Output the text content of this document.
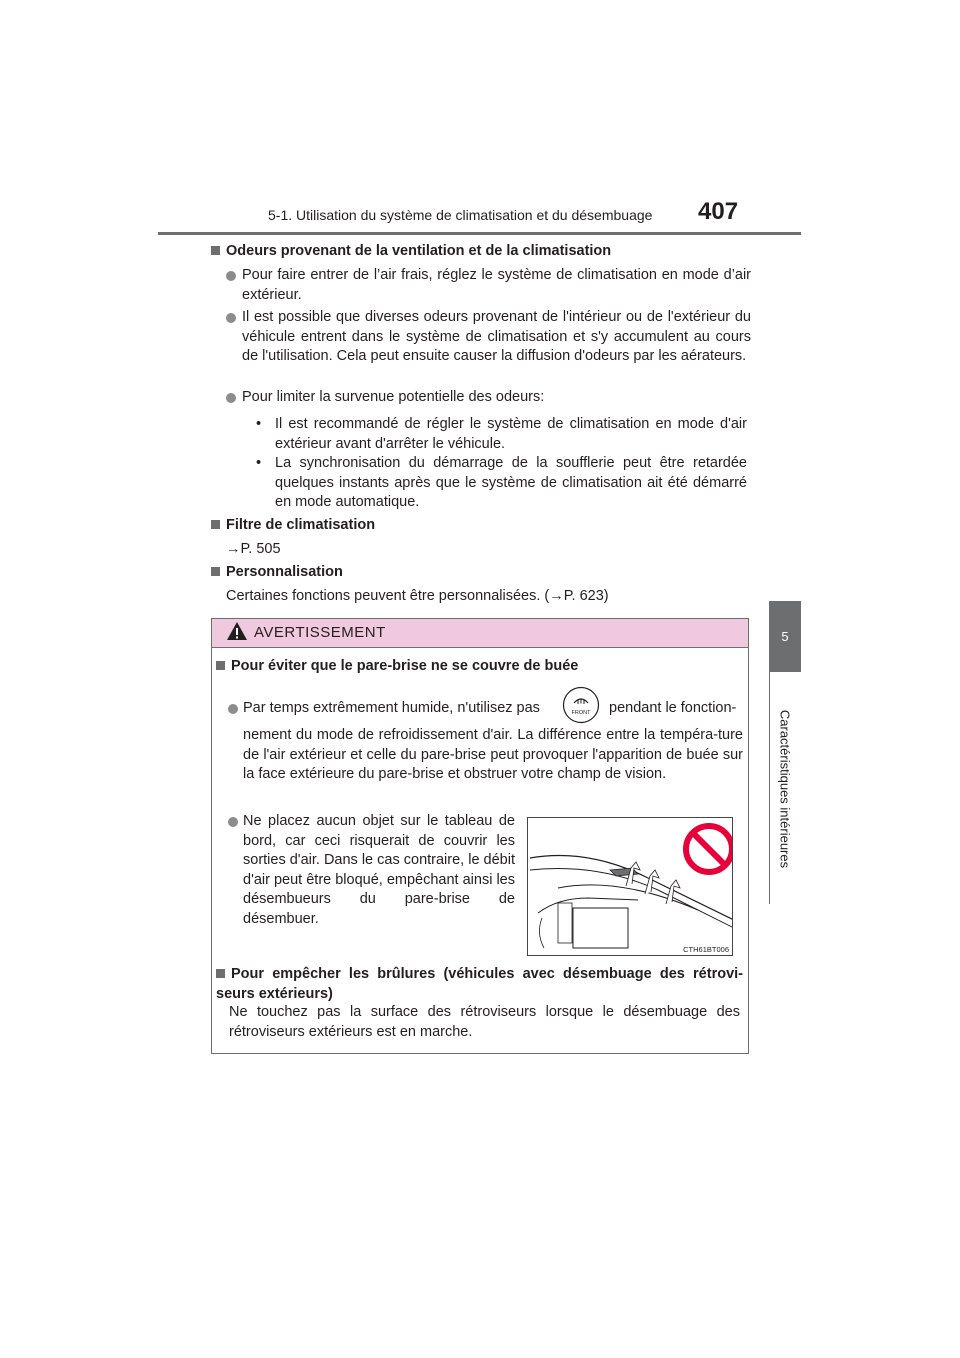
5-1. Utilisation du système de climatisation et du désembuage 407
5
Caractéristiques intérieures
Odeurs provenant de la ventilation et de la climatisation
Pour faire entrer de l’air frais, réglez le système de climatisation en mode d’air extérieur.
Il est possible que diverses odeurs provenant de l'intérieur ou de l'extérieur du véhicule entrent dans le système de climatisation et s'y accumulent au cours de l'utilisation. Cela peut ensuite causer la diffusion d'odeurs par les aérateurs.
Pour limiter la survenue potentielle des odeurs:
• Il est recommandé de régler le système de climatisation en mode d'air extérieur avant d'arrêter le véhicule.
• La synchronisation du démarrage de la soufflerie peut être retardée quelques instants après que le système de climatisation ait été démarré en mode automatique.
Filtre de climatisation
→P. 505
Personnalisation
Certaines fonctions peuvent être personnalisées. (→P. 623)
AVERTISSEMENT
Pour éviter que le pare-brise ne se couvre de buée
Par temps extrêmement humide, n'utilisez pas	FRONT pendant le fonction-
nement du mode de refroidissement d'air. La différence entre la tempéra-ture de l'air extérieur et celle du pare-brise peut provoquer l'apparition de buée sur la face extérieure du pare-brise et obstruer votre champ de vision.
Ne placez aucun objet sur le tableau de bord, car ceci risquerait de couvrir les sorties d'air. Dans le cas contraire, le débit d'air peut être bloqué, empêchant ainsi les désembueurs du pare-brise de désembuer.
CTH61BT006
Pour empêcher les brûlures (véhicules avec désembuage des rétrovi-seurs extérieurs)
Ne touchez pas la surface des rétroviseurs lorsque le désembuage des rétroviseurs extérieurs est en marche.
